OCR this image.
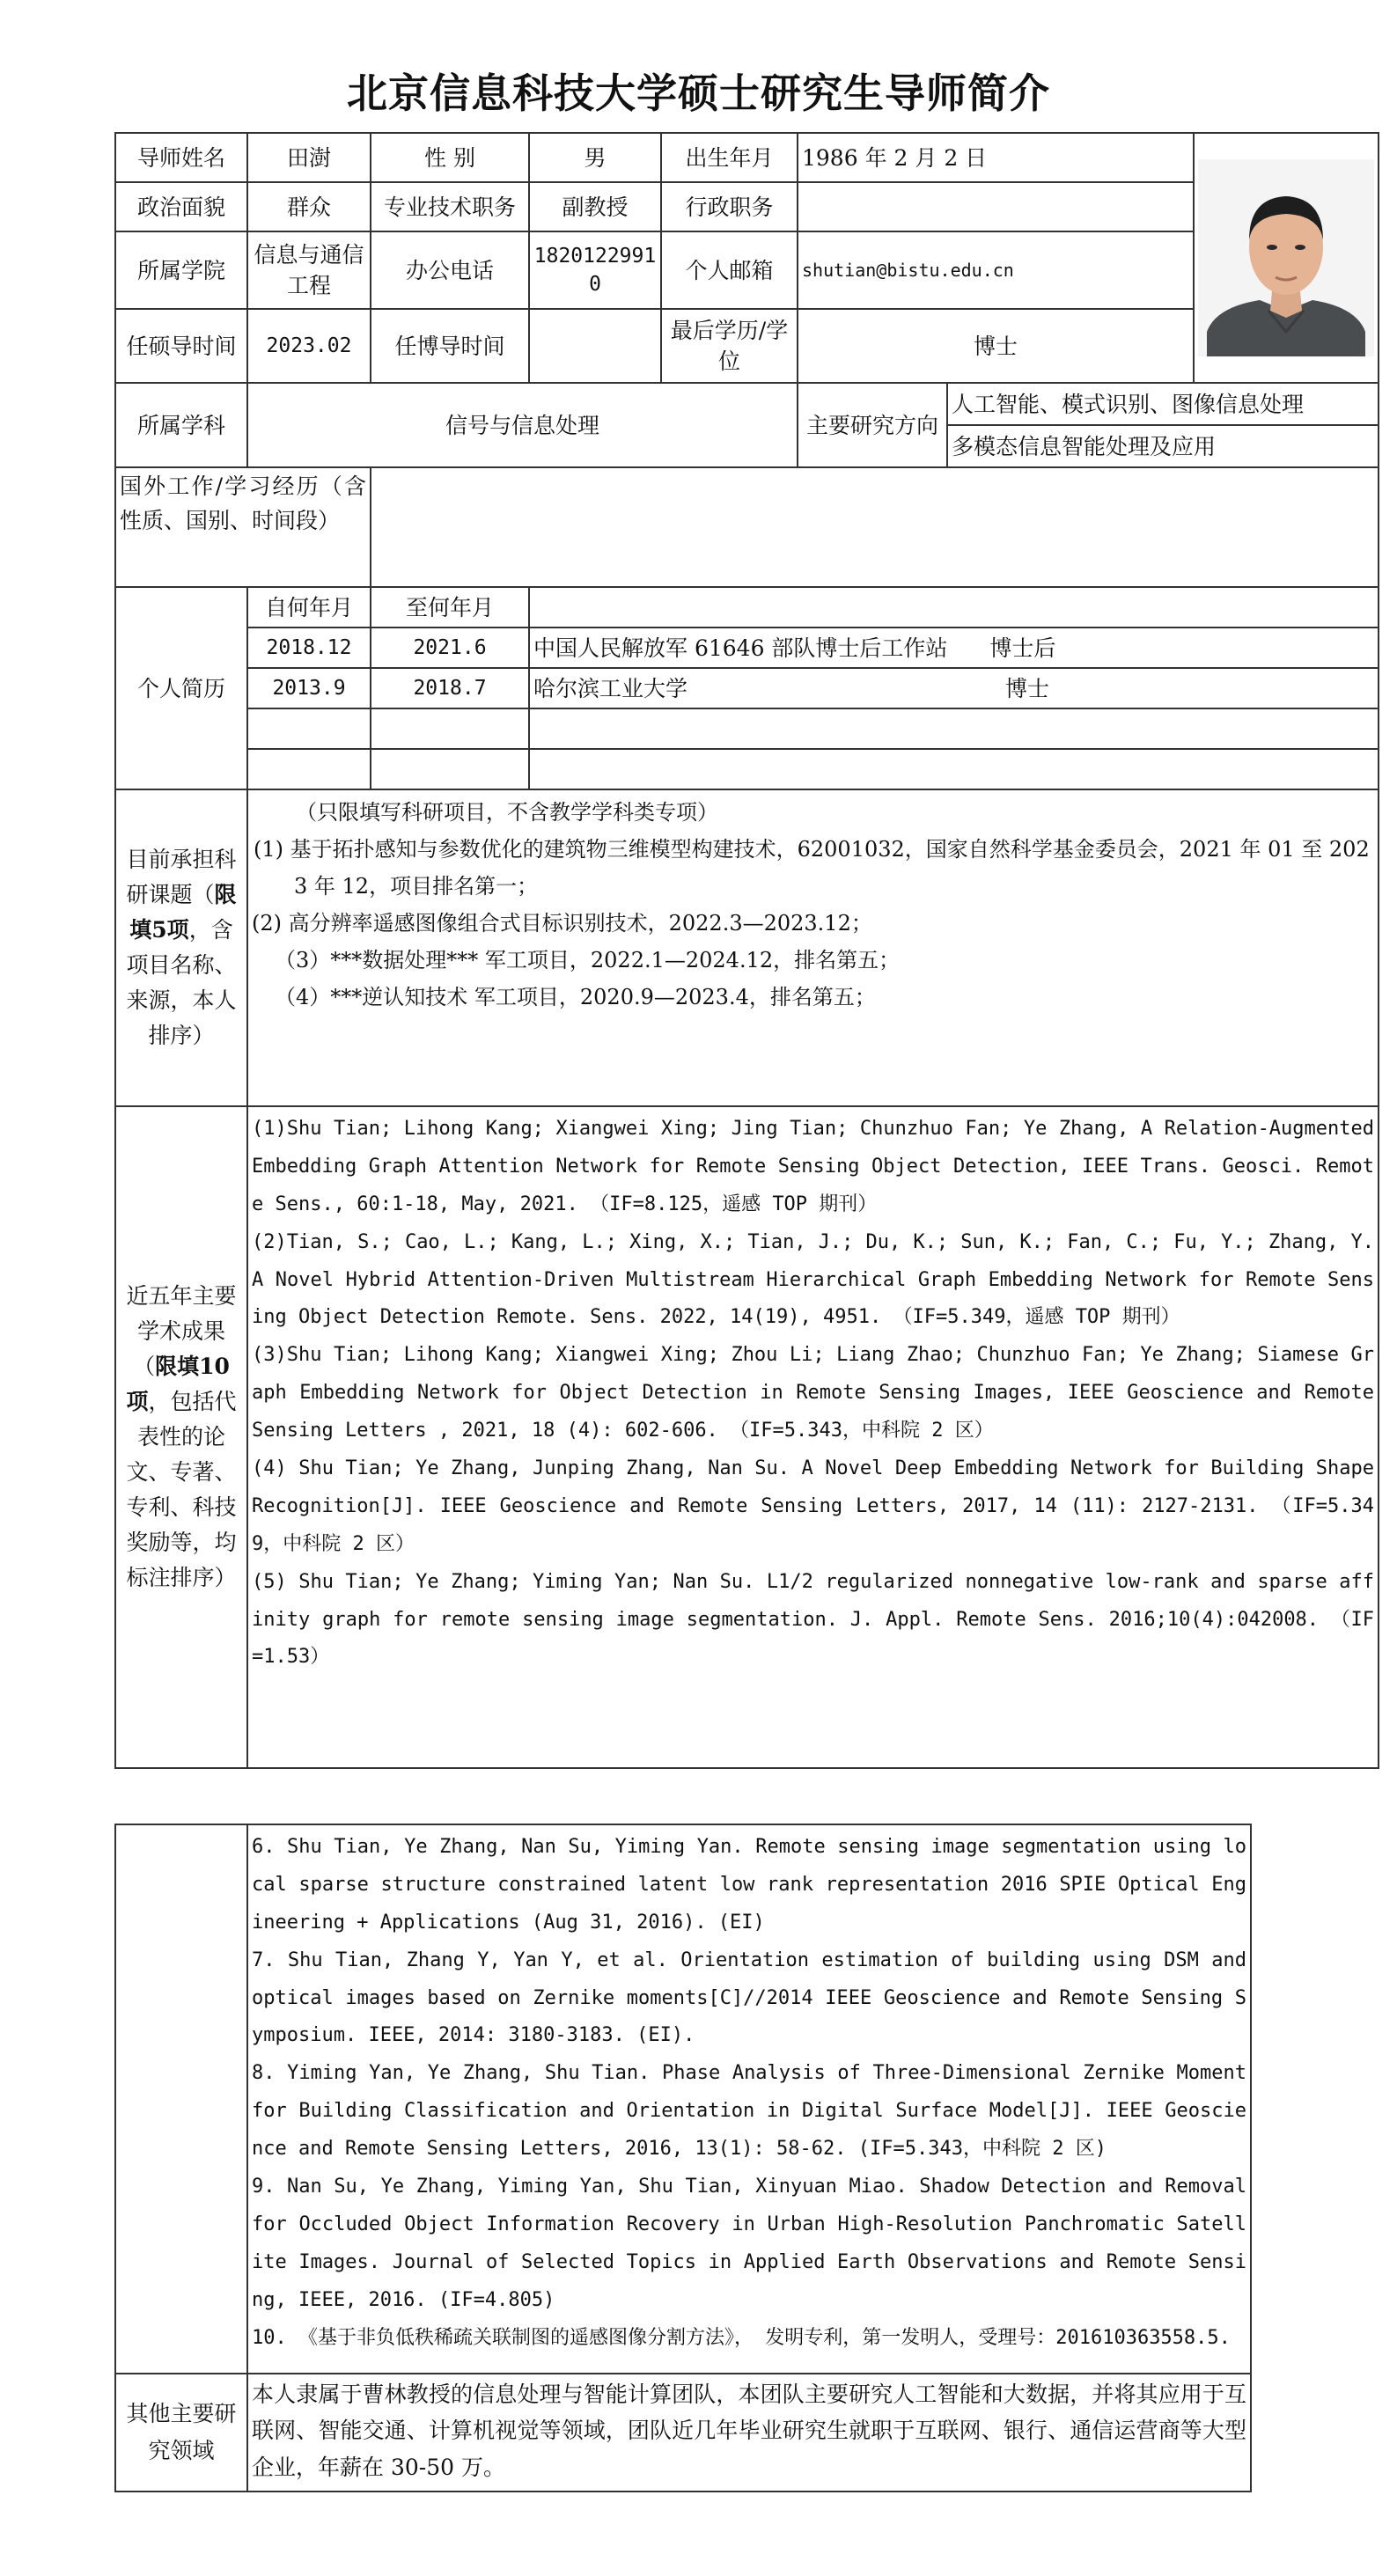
北京信息科技大学硕士研究生导师简介
导师姓名	田澍	性 别	男	出生年月	1986 年 2 月 2 日	

政治面貌	群众	专业技术职务	副教授	行政职务			
所属学院	信息与通信工程	办公电话	18201229910	个人邮箱	shutian@bistu.edu.cn		
任硕导时间	2023.02	任博导时间		最后学历/学位	博士		
所属学科	信号与信息处理				主要研究方向	人工智能、模式识别、图像信息处理	
						多模态信息智能处理及应用	
国外工作/学习经历（含性质、国别、时间段）							
个人简历	自何年月	至何年月					
	2018.12	2021.6	中国人民解放军 61646 部队博士后工作站 博士后				
	2013.9	2018.7	哈尔滨工业大学 博士				

目前承担科研课题（限填5项，含项目名称、来源，本人排序）	（只限填写科研项目，不含教学学科类专项）
(1) 基于拓扑感知与参数优化的建筑物三维模型构建技术，62001032，国家自然科学基金委员会，2021 年 01 至 2023 年 12，项目排名第一；
(2) 高分辨率遥感图像组合式目标识别技术，2022.3—2023.12；
（3）***数据处理*** 军工项目，2022.1—2024.12，排名第五；
（4）***逆认知技术 军工项目，2020.9—2023.4，排名第五；						

近五年主要学术成果（限填10项，包括代表性的论文、专著、专利、科技奖励等，均标注排序）	(1)Shu Tian; Lihong Kang; Xiangwei Xing; Jing Tian; Chunzhuo Fan; Ye Zhang, A Relation-Augmented Embedding Graph Attention Network for Remote Sensing Object Detection, IEEE Trans. Geosci. Remote Sens., 60:1-18, May, 2021. （IF=8.125，遥感 TOP 期刊）
(2)Tian, S.; Cao, L.; Kang, L.; Xing, X.; Tian, J.; Du, K.; Sun, K.; Fan, C.; Fu, Y.; Zhang, Y. A Novel Hybrid Attention-Driven Multistream Hierarchical Graph Embedding Network for Remote Sensing Object Detection Remote. Sens. 2022, 14(19), 4951. （IF=5.349，遥感 TOP 期刊）
(3)Shu Tian; Lihong Kang; Xiangwei Xing; Zhou Li; Liang Zhao; Chunzhuo Fan; Ye Zhang; Siamese Graph Embedding Network for Object Detection in Remote Sensing Images, IEEE Geoscience and Remote Sensing Letters , 2021, 18 (4): 602-606. （IF=5.343，中科院 2 区）
(4) Shu Tian; Ye Zhang, Junping Zhang, Nan Su. A Novel Deep Embedding Network for Building Shape Recognition[J]. IEEE Geoscience and Remote Sensing Letters, 2017, 14 (11): 2127-2131. （IF=5.349，中科院 2 区）
(5) Shu Tian; Ye Zhang; Yiming Yan; Nan Su. L1/2 regularized nonnegative low-rank and sparse affinity graph for remote sensing image segmentation. J. Appl. Remote Sens. 2016;10(4):042008. （IF=1.53）						

	6. Shu Tian, Ye Zhang, Nan Su, Yiming Yan. Remote sensing image segmentation using local sparse structure constrained latent low rank representation 2016 SPIE Optical Engineering + Applications (Aug 31, 2016). (EI)
7. Shu Tian, Zhang Y, Yan Y, et al. Orientation estimation of building using DSM and optical images based on Zernike moments[C]//2014 IEEE Geoscience and Remote Sensing Symposium. IEEE, 2014: 3180-3183. (EI).
8. Yiming Yan, Ye Zhang, Shu Tian. Phase Analysis of Three-Dimensional Zernike Moment for Building Classification and Orientation in Digital Surface Model[J]. IEEE Geoscience and Remote Sensing Letters, 2016, 13(1): 58-62. (IF=5.343，中科院 2 区)
9. Nan Su, Ye Zhang, Yiming Yan, Shu Tian, Xinyuan Miao. Shadow Detection and Removal for Occluded Object Information Recovery in Urban High-Resolution Panchromatic Satellite Images. Journal of Selected Topics in Applied Earth Observations and Remote Sensing, IEEE, 2016. (IF=4.805)
10. 《基于非负低秩稀疏关联制图的遥感图像分割方法》， 发明专利，第一发明人，受理号：201610363558.5.

其他主要研究领域	本人隶属于曹林教授的信息处理与智能计算团队，本团队主要研究人工智能和大数据，并将其应用于互联网、智能交通、计算机视觉等领域，团队近几年毕业研究生就职于互联网、银行、通信运营商等大型企业，年薪在 30-50 万。
